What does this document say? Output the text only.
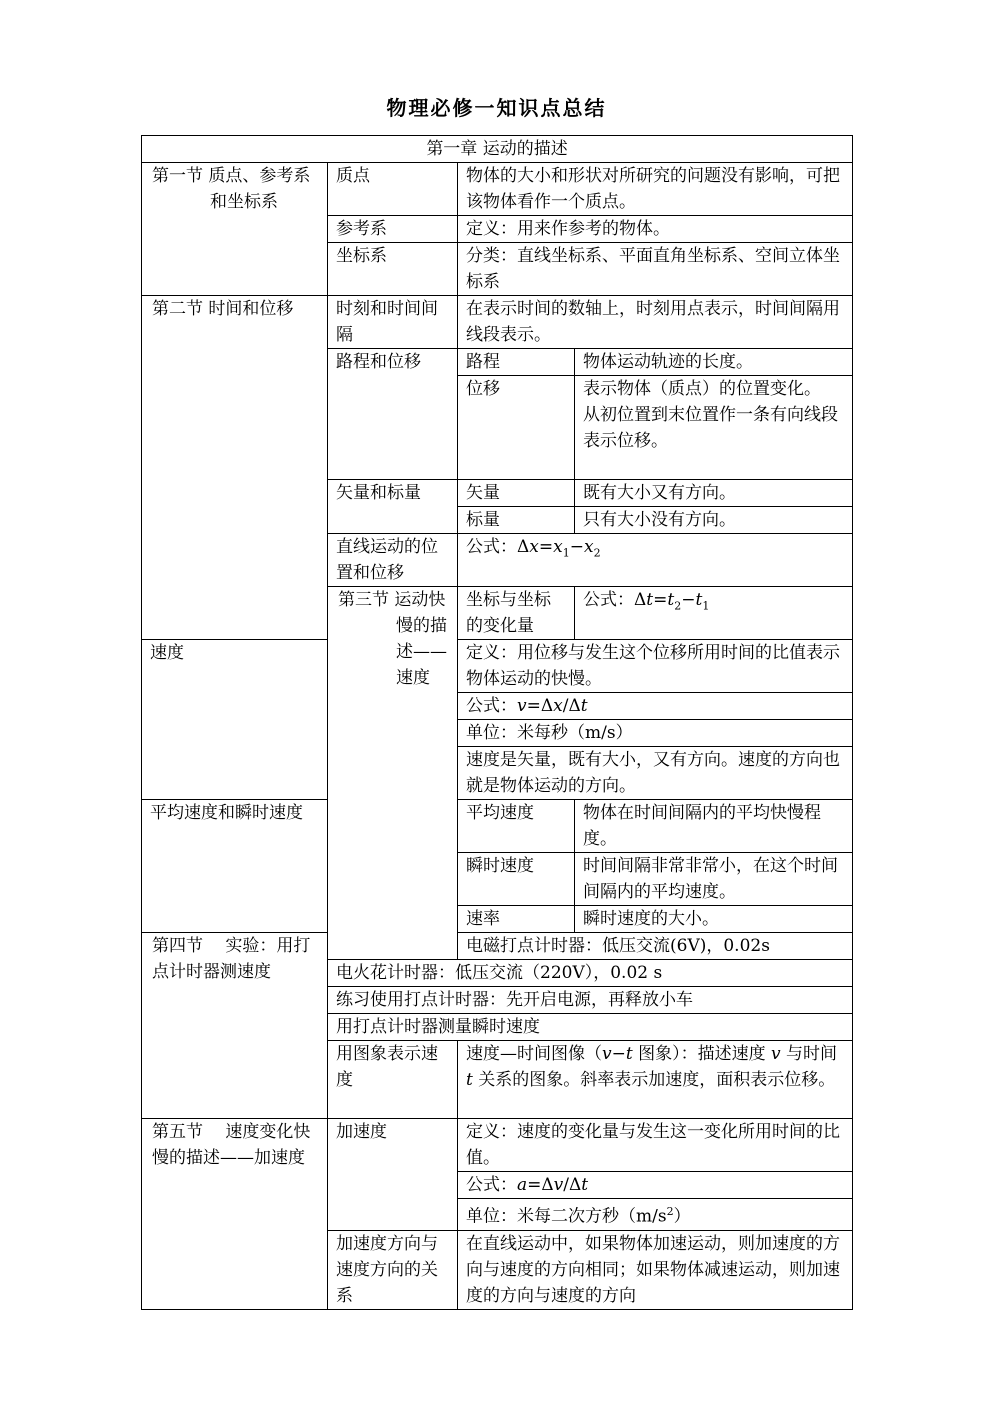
物理必修一知识点总结
第一章 运动的描述			

第一节 质点、参考系和坐标系	质点	物体的大小和形状对所研究的问题没有影响，可把该物体看作一个质点。	
	参考系	定义：用来作参考的物体。	
	坐标系	分类：直线坐标系、平面直角坐标系、空间立体坐标系	

第二节 时间和位移	时刻和时间间隔	在表示时间的数轴上，时刻用点表示，时间间隔用线段表示。	
	路程和位移	路程	物体运动轨迹的长度。
		位移	表示物体（质点）的位置变化。
从初位置到末位置作一条有向线段表示位移。

	矢量和标量	矢量	既有大小又有方向。
		标量	只有大小没有方向。
	直线运动的位置和位移	公式：$\Delta x=x_1-x_2$

	第三节 运动快慢的描述——速度	坐标与坐标的变化量	公式：$\Delta t=t_2-t_1$
速度		定义：用位移与发生这个位移所用时间的比值表示物体运动的快慢。	
		公式：v=Δx/Δt	
		单位：米每秒（m/s）	
		速度是矢量，既有大小，又有方向。速度的方向也就是物体运动的方向。	
平均速度和瞬时速度		平均速度	物体在时间间隔内的平均快慢程度。
		瞬时速度	时间间隔非常非常小，在这个时间间隔内的平均速度。
		速率	瞬时速度的大小。
第四节　 实验：用打点计时器测速度		电磁打点计时器：低压交流(6V)，0.02s	
	电火花计时器：低压交流（220V），0.02 s		
	练习使用打点计时器：先开启电源，再释放小车		
	用打点计时器测量瞬时速度		
	用图象表示速度	速度—时间图像（v−t 图象）：描述速度 v 与时间 t 关系的图象。斜率表示加速度，面积表示位移。	
第五节　 速度变化快慢的描述——加速度	加速度	定义：速度的变化量与发生这一变化所用时间的比值。	
		公式：a=Δv/Δt	
		单位：米每二次方秒$(m/s^2)$	
	加速度方向与速度方向的关系	在直线运动中，如果物体加速运动，则加速度的方向与速度的方向相同；如果物体减速运动，则加速度的方向与速度的方向	
